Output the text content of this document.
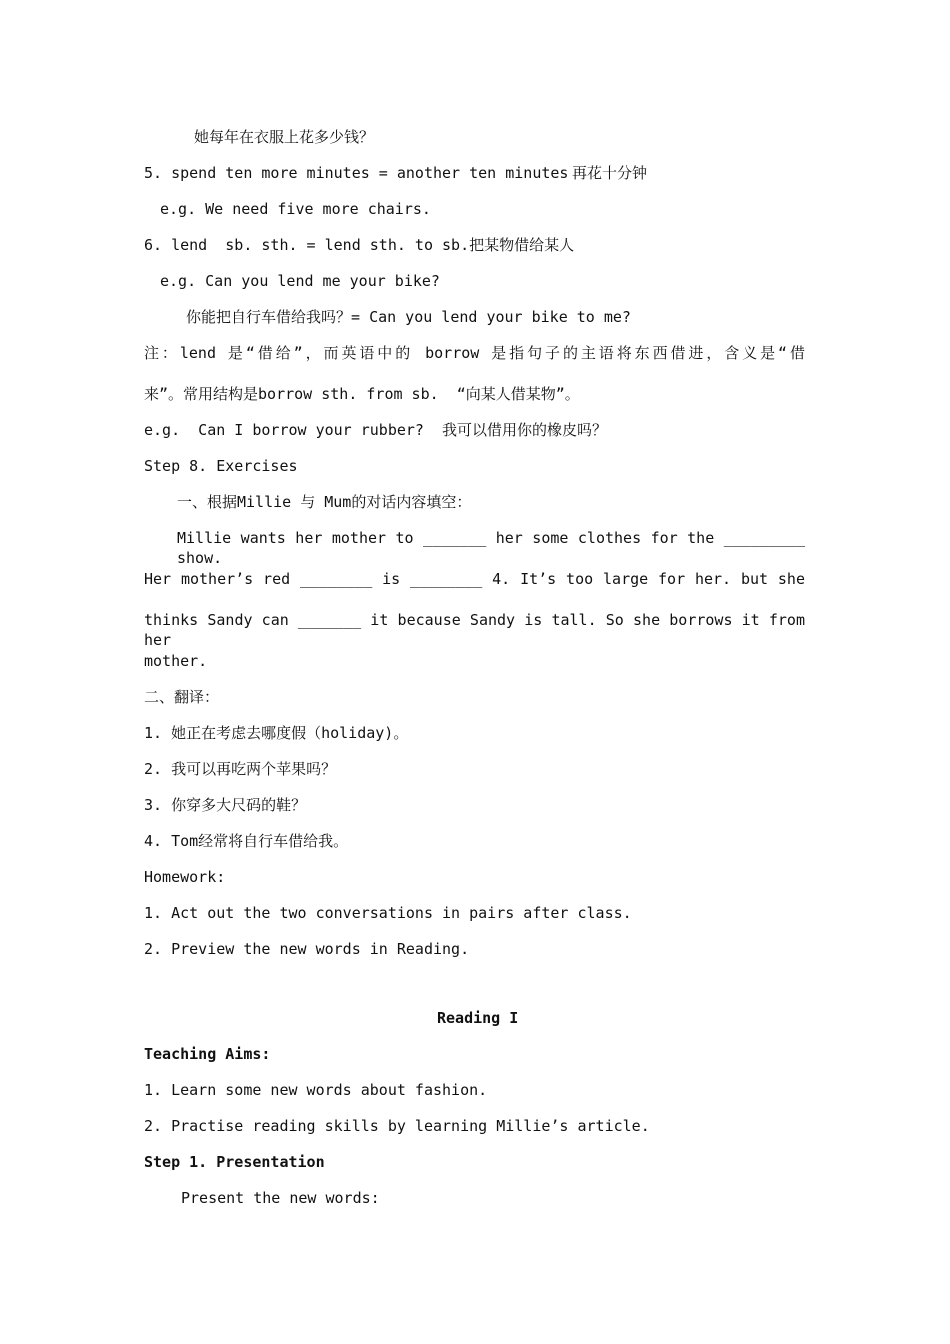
她每年在衣服上花多少钱？
5. spend ten more minutes = another ten minutes 再花十分钟
e.g. We need five more chairs.
6. lend  sb. sth. = lend sth. to sb.把某物借给某人
e.g. Can you lend me your bike?
你能把自行车借给我吗？= Can you lend your bike to me?
注：lend 是“借给”，而英语中的 borrow 是指句子的主语将东西借进，含义是“借
来”。常用结构是borrow sth. from sb.  “向某人借某物”。
e.g.  Can I borrow your rubber?  我可以借用你的橡皮吗？
Step 8. Exercises
一、根据Millie 与 Mum的对话内容填空：
Millie wants her mother to _______ her some clothes for the _________ show.
Her mother’s red ________ is ________ 4. It’s too large for her. but she
thinks Sandy can _______ it because Sandy is tall. So she borrows it from her
mother.
二、翻译：
1. 她正在考虑去哪度假（holiday)。
2. 我可以再吃两个苹果吗？
3. 你穿多大尺码的鞋？
4. Tom经常将自行车借给我。
Homework:
1. Act out the two conversations in pairs after class.
2. Preview the new words in Reading.
Reading I
Teaching Aims:
1. Learn some new words about fashion.
2. Practise reading skills by learning Millie’s article.
Step 1. Presentation
Present the new words:
